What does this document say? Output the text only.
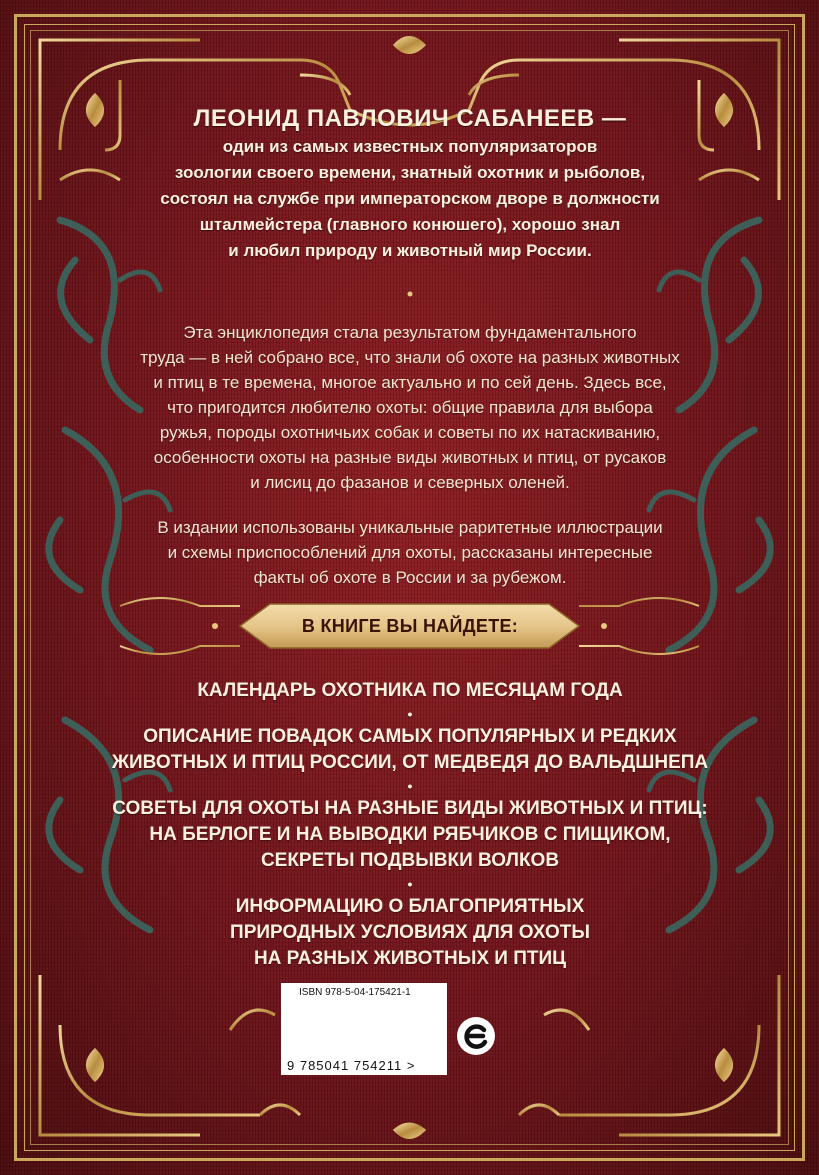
ЛЕОНИД ПАВЛОВИЧ САБАНЕЕВ —

один из самых известных популяризаторов
зоологии своего времени, знатный охотник и рыболов,
состоял на службе при императорском дворе в должности
шталмейстера (главного конюшего), хорошо знал
и любил природу и животный мир России.

Эта энциклопедия стала результатом фундаментального
труда — в ней собрано все, что знали об охоте на разных животных
и птиц в те времена, многое актуально и по сей день. Здесь все,
что пригодится любителю охоты: общие правила для выбора
ружья, породы охотничьих собак и советы по их натаскиванию,
особенности охоты на разные виды животных и птиц, от русаков
и лисиц до фазанов и северных оленей.
В издании использованы уникальные раритетные иллюстрации
и схемы приспособлений для охоты, рассказаны интересные
факты об охоте в России и за рубежом.
В КНИГЕ ВЫ НАЙДЕТЕ:

КАЛЕНДАРЬ ОХОТНИКА ПО МЕСЯЦАМ ГОДА

•

ОПИСАНИЕ ПОВАДОК САМЫХ ПОПУЛЯРНЫХ И РЕДКИХ
ЖИВОТНЫХ И ПТИЦ РОССИИ, ОТ МЕДВЕДЯ ДО ВАЛЬДШНЕПА

•

СОВЕТЫ ДЛЯ ОХОТЫ НА РАЗНЫЕ ВИДЫ ЖИВОТНЫХ И ПТИЦ:
НА БЕРЛОГЕ И НА ВЫВОДКИ РЯБЧИКОВ С ПИЩИКОМ,
СЕКРЕТЫ ПОДВЫВКИ ВОЛКОВ

•

ИНФОРМАЦИЮ О БЛАГОПРИЯТНЫХ
ПРИРОДНЫХ УСЛОВИЯХ ДЛЯ ОХОТЫ
НА РАЗНЫХ ЖИВОТНЫХ И ПТИЦ

ISBN 978-5-04-175421-1
9 785041 754211 >
